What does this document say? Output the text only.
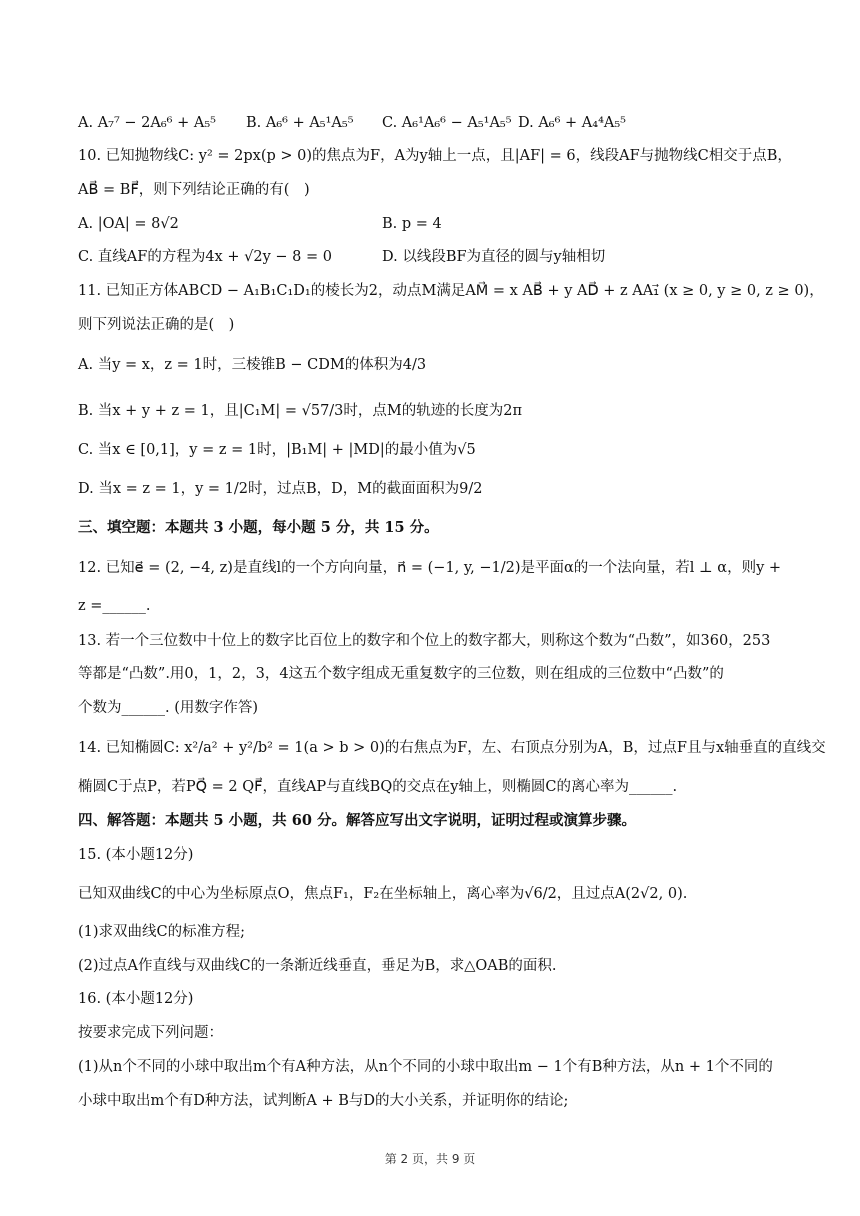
A. A₇⁷ − 2A₆⁶ + A₅⁵ B. A₆⁶ + A₅¹A₅⁵ C. A₆¹A₆⁶ − A₅¹A₅⁵ D. A₆⁶ + A₄⁴A₅⁵
10. 已知抛物线C: y² = 2px(p > 0)的焦点为F，A为y轴上一点，且|AF| = 6，线段AF与抛物线C相交于点B，
AB⃗ = BF⃗，则下列结论正确的有(　)
A. |OA| = 8√2	B. p = 4
C. 直线AF的方程为4x + √2y − 8 = 0	D. 以线段BF为直径的圆与y轴相切
11. 已知正方体ABCD − A₁B₁C₁D₁的棱长为2，动点M满足AM⃗ = x AB⃗ + y AD⃗ + z AA₁⃗ (x ≥ 0, y ≥ 0, z ≥ 0)，
则下列说法正确的是(　)
A. 当y = x，z = 1时，三棱锥B − CDM的体积为4/3
B. 当x + y + z = 1，且|C₁M| = √57/3时，点M的轨迹的长度为2π
C. 当x ∈ [0,1]，y = z = 1时，|B₁M| + |MD|的最小值为√5
D. 当x = z = 1，y = 1/2时，过点B，D，M的截面面积为9/2
三、填空题：本题共 3 小题，每小题 5 分，共 15 分。
12. 已知e⃗ = (2, −4, z)是直线l的一个方向向量，n⃗ = (−1, y, −1/2)是平面α的一个法向量，若l ⊥ α，则y +
z =______.
13. 若一个三位数中十位上的数字比百位上的数字和个位上的数字都大，则称这个数为“凸数”，如360，253
等都是“凸数”.用0，1，2，3，4这五个数字组成无重复数字的三位数，则在组成的三位数中“凸数”的
个数为______. (用数字作答)
14. 已知椭圆C: x²/a² + y²/b² = 1(a > b > 0)的右焦点为F，左、右顶点分别为A，B，过点F且与x轴垂直的直线交
椭圆C于点P，若PQ⃗ = 2 QF⃗，直线AP与直线BQ的交点在y轴上，则椭圆C的离心率为______.
四、解答题：本题共 5 小题，共 60 分。解答应写出文字说明，证明过程或演算步骤。
15. (本小题12分)
已知双曲线C的中心为坐标原点O，焦点F₁，F₂在坐标轴上，离心率为√6/2，且过点A(2√2, 0).
(1)求双曲线C的标准方程;
(2)过点A作直线与双曲线C的一条渐近线垂直，垂足为B，求△OAB的面积.
16. (本小题12分)
按要求完成下列问题：
(1)从n个不同的小球中取出m个有A种方法，从n个不同的小球中取出m − 1个有B种方法，从n + 1个不同的
小球中取出m个有D种方法，试判断A + B与D的大小关系，并证明你的结论;
第 2 页，共 9 页
